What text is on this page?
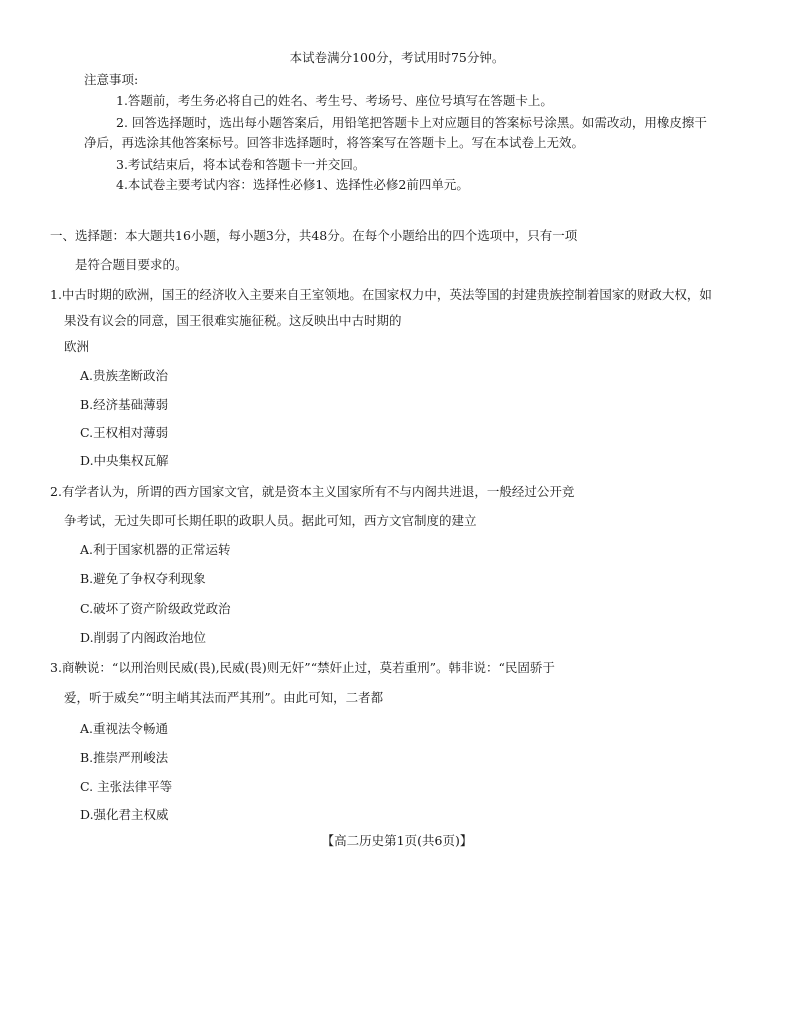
本试卷满分100分，考试用时75分钟。
注意事项:
1.答题前，考生务必将自己的姓名、考生号、考场号、座位号填写在答题卡上。
2. 回答选择题时，选出每小题答案后，用铅笔把答题卡上对应题目的答案标号涂黑。如需改动，用橡皮擦干
净后，再选涂其他答案标号。回答非选择题时，将答案写在答题卡上。写在本试卷上无效。
3.考试结束后，将本试卷和答题卡一并交回。
4.本试卷主要考试内容：选择性必修1、选择性必修2前四单元。
一、选择题：本大题共16小题，每小题3分，共48分。在每个小题给出的四个选项中，只有一项
是符合题目要求的。
1.中古时期的欧洲，国王的经济收入主要来自王室领地。在国家权力中，英法等国的封建贵族控制着国家的财政大权，如
果没有议会的同意，国王很难实施征税。这反映出中古时期的
欧洲
A.贵族垄断政治
B.经济基础薄弱
C.王权相对薄弱
D.中央集权瓦解
2.有学者认为，所谓的西方国家文官，就是资本主义国家所有不与内阁共进退，一般经过公开竞
争考试，无过失即可长期任职的政职人员。据此可知，西方文官制度的建立
A.利于国家机器的正常运转
B.避免了争权夺利现象
C.破坏了资产阶级政党政治
D.削弱了内阁政治地位
3.商鞅说：“以刑治则民威(畏),民威(畏)则无奸”“禁奸止过，莫若重刑”。韩非说：“民固骄于
爱，听于威矣”“明主峭其法而严其刑”。由此可知，二者都
A.重视法令畅通
B.推崇严刑峻法
C. 主张法律平等
D.强化君主权威
【高二历史第1页(共6页)】
